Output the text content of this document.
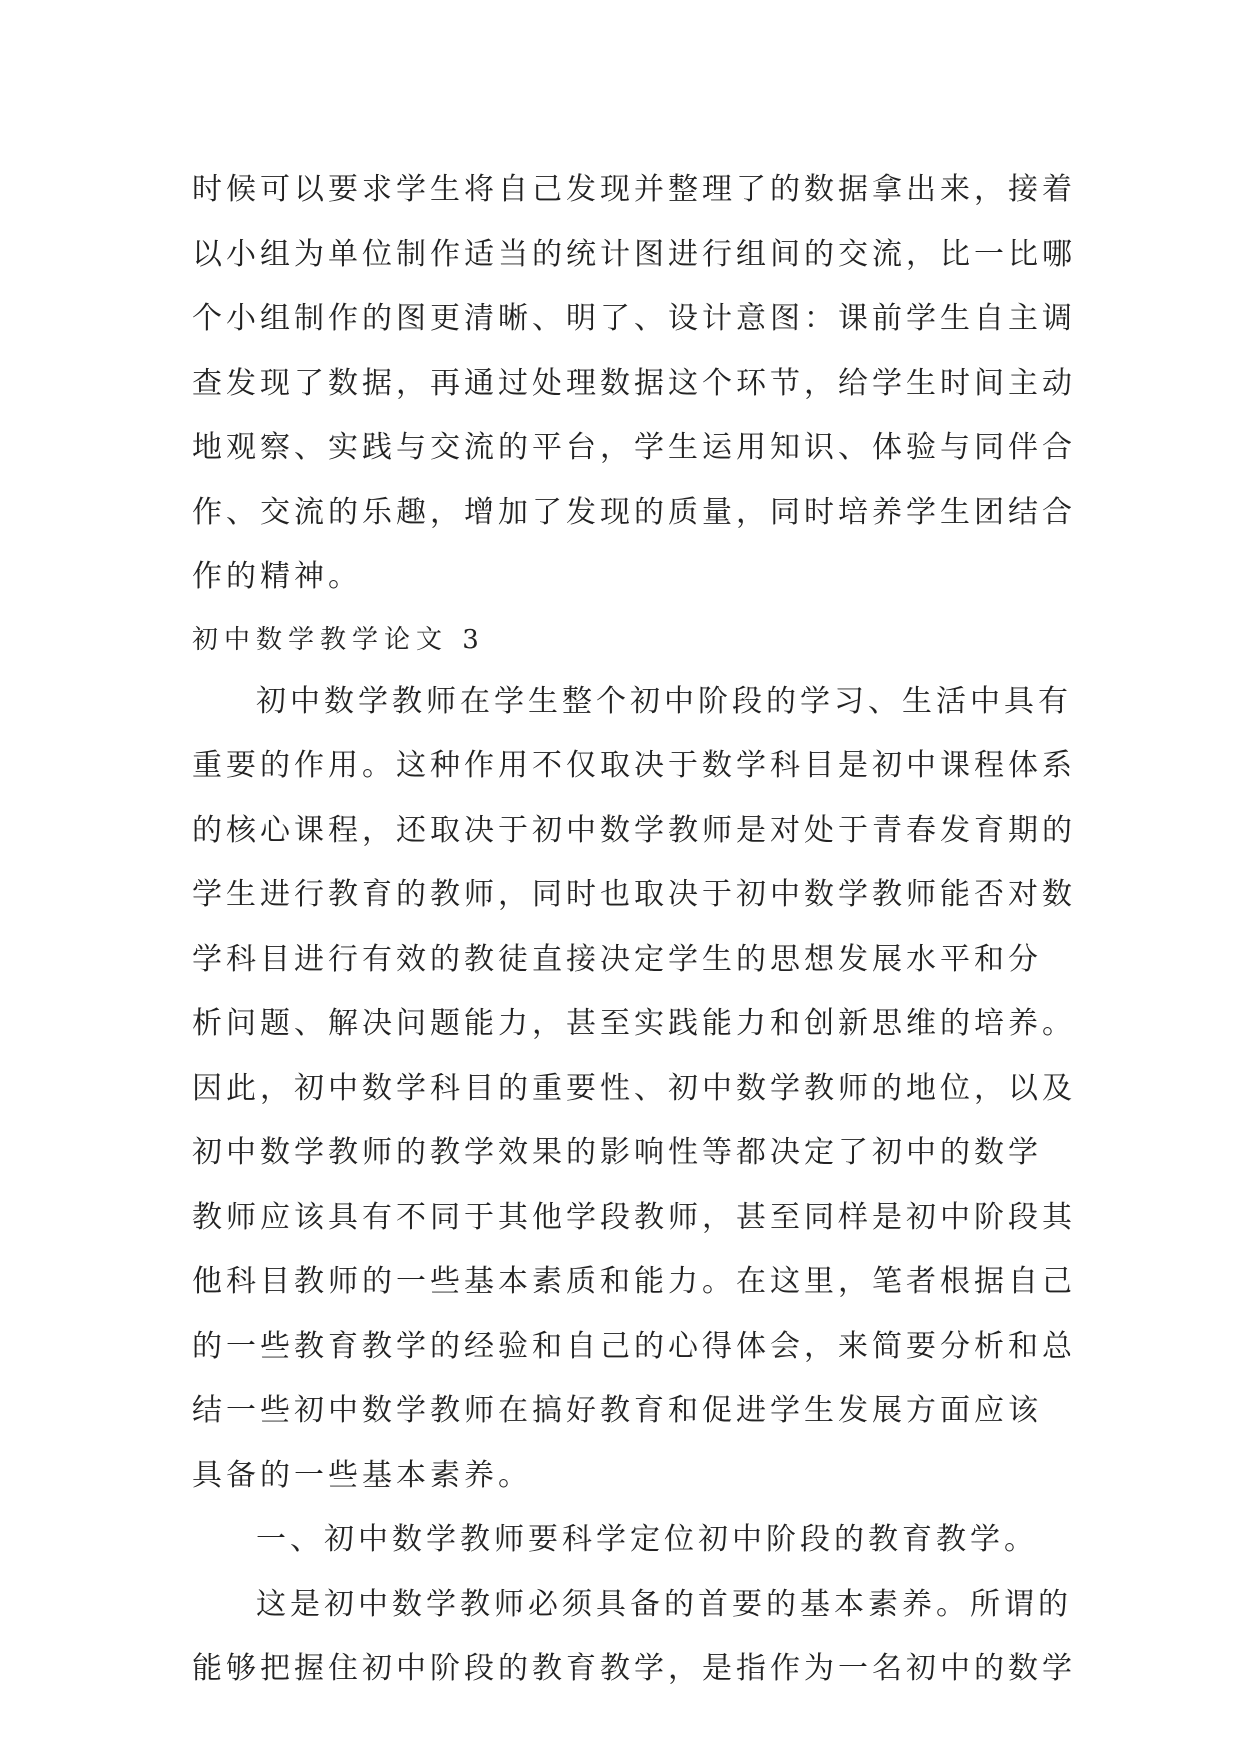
时候可以要求学生将自己发现并整理了的数据拿出来，接着
以小组为单位制作适当的统计图进行组间的交流，比一比哪
个小组制作的图更清晰、明了、设计意图：课前学生自主调
查发现了数据，再通过处理数据这个环节，给学生时间主动
地观察、实践与交流的平台，学生运用知识、体验与同伴合
作、交流的乐趣，增加了发现的质量，同时培养学生团结合
作的精神。
初中数学教学论文 3
初中数学教师在学生整个初中阶段的学习、生活中具有
重要的作用。这种作用不仅取决于数学科目是初中课程体系
的核心课程，还取决于初中数学教师是对处于青春发育期的
学生进行教育的教师，同时也取决于初中数学教师能否对数
学科目进行有效的教徒直接决定学生的思想发展水平和分
析问题、解决问题能力，甚至实践能力和创新思维的培养。
因此，初中数学科目的重要性、初中数学教师的地位，以及
初中数学教师的教学效果的影响性等都决定了初中的数学
教师应该具有不同于其他学段教师，甚至同样是初中阶段其
他科目教师的一些基本素质和能力。在这里，笔者根据自己
的一些教育教学的经验和自己的心得体会，来简要分析和总
结一些初中数学教师在搞好教育和促进学生发展方面应该
具备的一些基本素养。
一、初中数学教师要科学定位初中阶段的教育教学。
这是初中数学教师必须具备的首要的基本素养。所谓的
能够把握住初中阶段的教育教学，是指作为一名初中的数学
